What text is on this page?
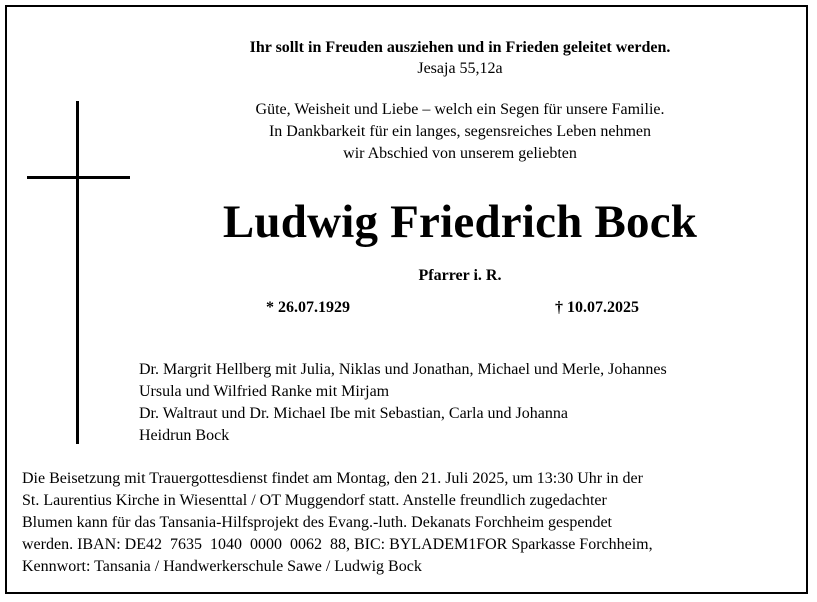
Ihr sollt in Freuden ausziehen und in Frieden geleitet werden.
Jesaja 55,12a
Güte, Weisheit und Liebe – welch ein Segen für unsere Familie.
In Dankbarkeit für ein langes, segensreiches Leben nehmen
wir Abschied von unserem geliebten
Ludwig Friedrich Bock
Pfarrer i. R.
* 26.07.1929	† 10.07.2025
Dr. Margrit Hellberg mit Julia, Niklas und Jonathan, Michael und Merle, Johannes
Ursula und Wilfried Ranke mit Mirjam
Dr. Waltraut und Dr. Michael Ibe mit Sebastian, Carla und Johanna
Heidrun Bock
Die Beisetzung mit Trauergottesdienst findet am Montag, den 21. Juli 2025, um 13:30 Uhr in der
St. Laurentius Kirche in Wiesenttal / OT Muggendorf statt. Anstelle freundlich zugedachter
Blumen kann für das Tansania-Hilfsprojekt des Evang.-luth. Dekanats Forchheim gespendet
werden. IBAN: DE42  7635  1040  0000  0062  88, BIC: BYLADEM1FOR Sparkasse Forchheim,
Kennwort: Tansania / Handwerkerschule Sawe / Ludwig Bock
